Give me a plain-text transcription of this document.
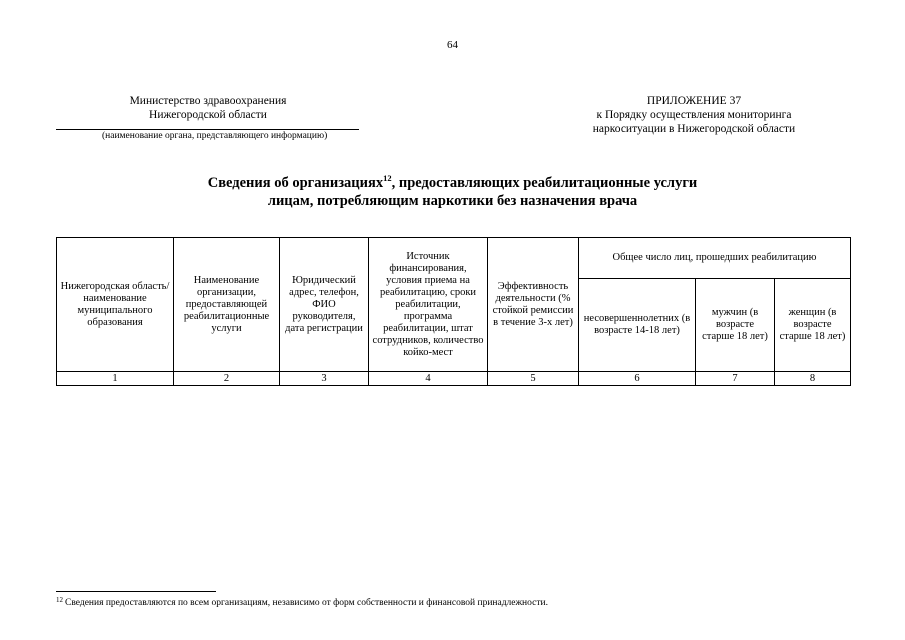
64
Министерство здравоохранения
Нижегородской области
(наименование органа, представляющего информацию)
ПРИЛОЖЕНИЕ 37
к Порядку осуществления мониторинга
наркоситуации в Нижегородской области
Сведения об организациях$^{12}$, предоставляющих реабилитационные услуги
лицам, потребляющим наркотики без назначения врача
Нижегородская область/ наименование муниципального образования	Наименование организации, предоставляющей реабилитационные услуги	Юридический адрес, телефон, ФИО руководителя, дата регистрации	Источник финансирования, условия приема на реабилитацию, сроки реабилитации, программа реабилитации, штат сотрудников, количество койко-мест	Эффективность деятельности (% стойкой ремиссии в течение 3-х лет)	Общее число лиц, прошедших реабилитацию		
					несовершеннолетних (в возрасте 14-18 лет)	мужчин (в возрасте старше 18 лет)	женщин (в возрасте старше 18 лет)
1	2	3	4	5	6	7	8
$^{12}$ Сведения предоставляются по всем организациям, независимо от форм собственности и финансовой принадлежности.
